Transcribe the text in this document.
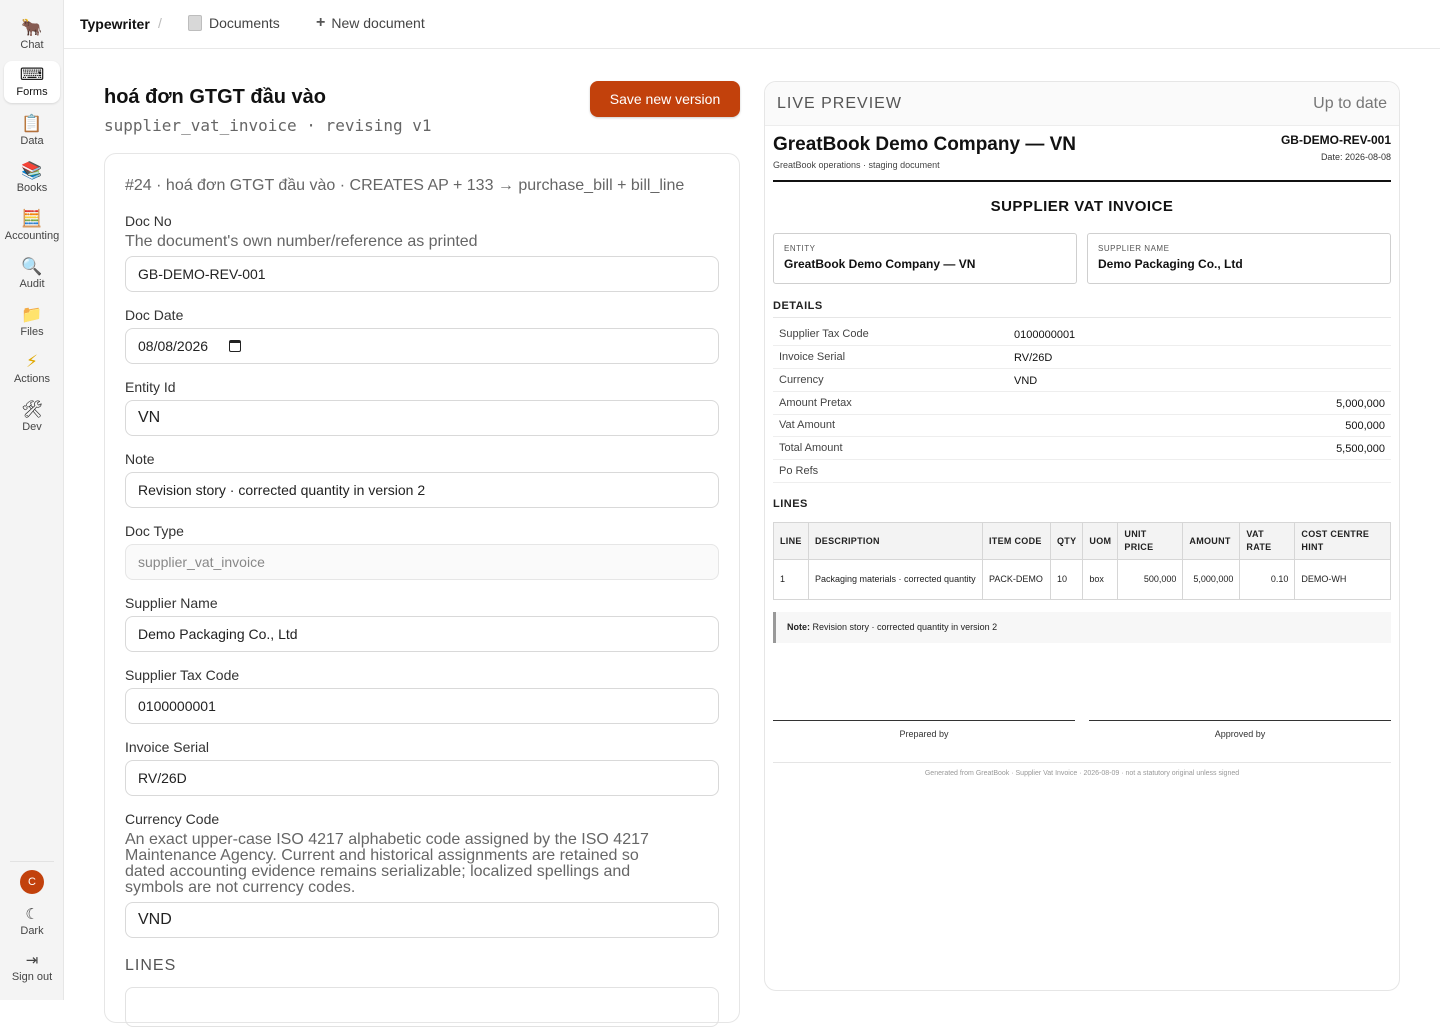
🐂
Chat
⌨
Forms
📋
Data
📚
Books
🧮
Accounting
🔍
Audit
📁
Files
⚡
Actions
🛠
Dev
C
☾
Dark
⇥
Sign out
Typewriter /	Documents + New document
hoá đơn GTGT đầu vào
supplier_vat_invoice · revising v1
Save new version
#24 · hoá đơn GTGT đầu vào · CREATES AP + 133 → purchase_bill + bill_line
Doc No
The document's own number/reference as printed
GB-DEMO-REV-001
Doc Date
08/08/2026
Entity Id
VN
Note
Revision story · corrected quantity in version 2
Doc Type
supplier_vat_invoice
Supplier Name
Demo Packaging Co., Ltd
Supplier Tax Code
0100000001
Invoice Serial
RV/26D
Currency Code
An exact upper-case ISO 4217 alphabetic code assigned by the ISO 4217
Maintenance Agency. Current and historical assignments are retained so
dated accounting evidence remains serializable; localized spellings and
symbols are not currency codes.
VND
LINES
LIVE PREVIEW	Up to date
GreatBook Demo Company — VN
GreatBook operations · staging document
GB-DEMO-REV-001
Date: 2026-08-08
SUPPLIER VAT INVOICE
ENTITY
GreatBook Demo Company — VN
SUPPLIER NAME
Demo Packaging Co., Ltd
DETAILS
Supplier Tax Code	0100000001
Invoice Serial	RV/26D
Currency	VND
Amount Pretax	5,000,000
Vat Amount	500,000
Total Amount	5,500,000
Po Refs
LINES
LINE	DESCRIPTION	ITEM CODE	QTY	UOM	UNIT PRICE	AMOUNT	VAT RATE	COST CENTRE HINT
1	Packaging materials · corrected quantity	PACK-DEMO	10	box	500,000	5,000,000	0.10	DEMO-WH
Note: Revision story · corrected quantity in version 2
Prepared by	Approved by
Generated from GreatBook · Supplier Vat Invoice · 2026-08-09 · not a statutory original unless signed
